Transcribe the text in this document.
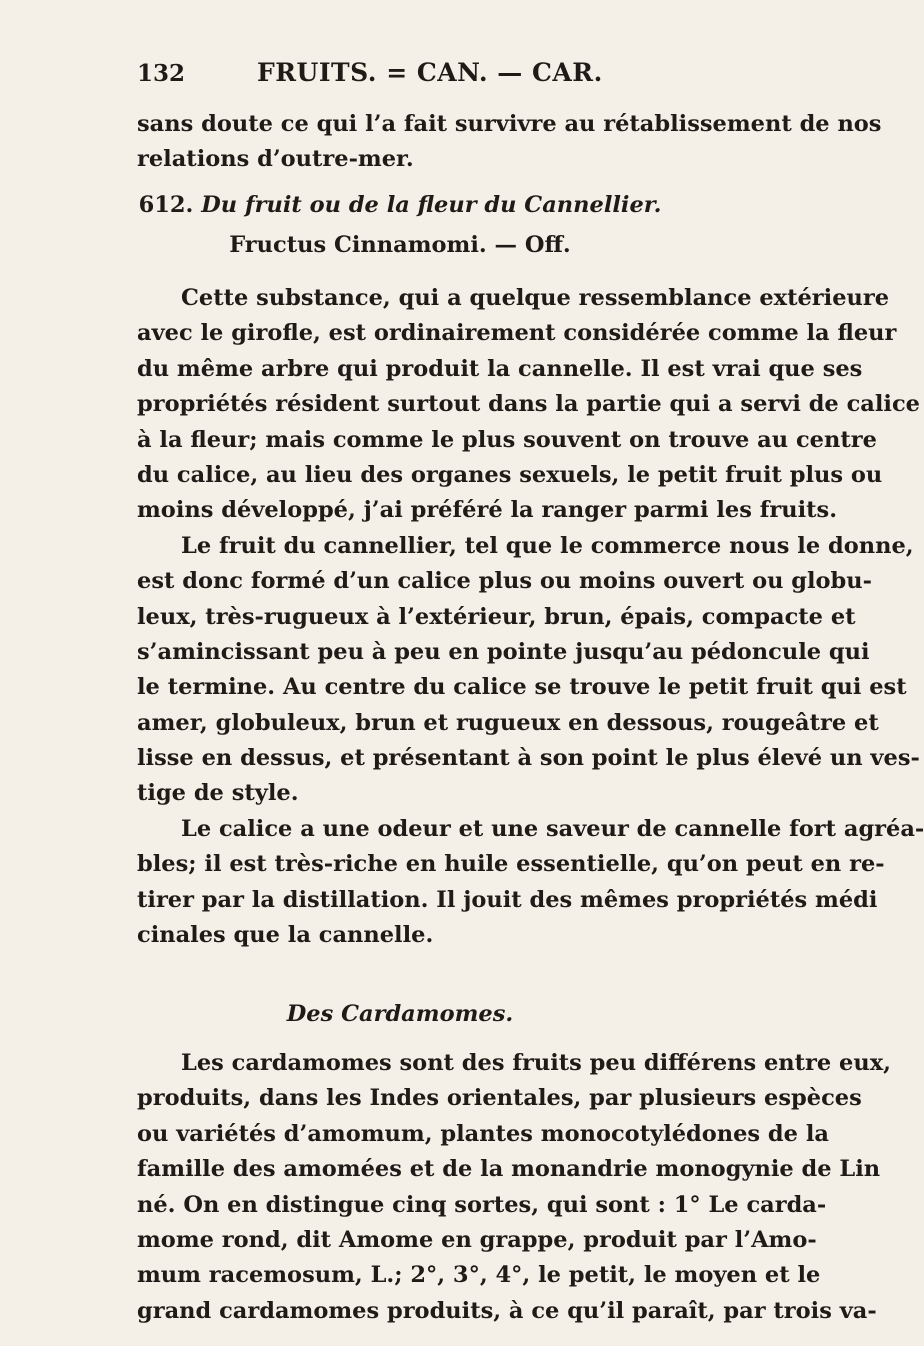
132	FRUITS. = CAN. — CAR.
sans doute ce qui l’a fait survivre au rétablissement de nos
relations d’outre-mer.
612. Du fruit ou de la fleur du Cannellier.
Fructus Cinnamomi. — Off.
Cette substance, qui a quelque ressemblance extérieure
avec le girofle, est ordinairement considérée comme la fleur
du même arbre qui produit la cannelle. Il est vrai que ses
propriétés résident surtout dans la partie qui a servi de calice
à la fleur; mais comme le plus souvent on trouve au centre
du calice, au lieu des organes sexuels, le petit fruit plus ou
moins développé, j’ai préféré la ranger parmi les fruits.
Le fruit du cannellier, tel que le commerce nous le donne,
est donc formé d’un calice plus ou moins ouvert ou globu-
leux, très-rugueux à l’extérieur, brun, épais, compacte et
s’amincissant peu à peu en pointe jusqu’au pédoncule qui
le termine. Au centre du calice se trouve le petit fruit qui est
amer, globuleux, brun et rugueux en dessous, rougeâtre et
lisse en dessus, et présentant à son point le plus élevé un ves-
tige de style.
Le calice a une odeur et une saveur de cannelle fort agréa-
bles; il est très-riche en huile essentielle, qu’on peut en re-
tirer par la distillation. Il jouit des mêmes propriétés médi
cinales que la cannelle.
Des Cardamomes.
Les cardamomes sont des fruits peu différens entre eux,
produits, dans les Indes orientales, par plusieurs espèces
ou variétés d’amomum, plantes monocotylédones de la
famille des amomées et de la monandrie monogynie de Lin
né. On en distingue cinq sortes, qui sont : 1° Le carda-
mome rond, dit Amome en grappe, produit par l’Amo-
mum racemosum, L.; 2°, 3°, 4°, le petit, le moyen et le
grand cardamomes produits, à ce qu’il paraît, par trois va-
